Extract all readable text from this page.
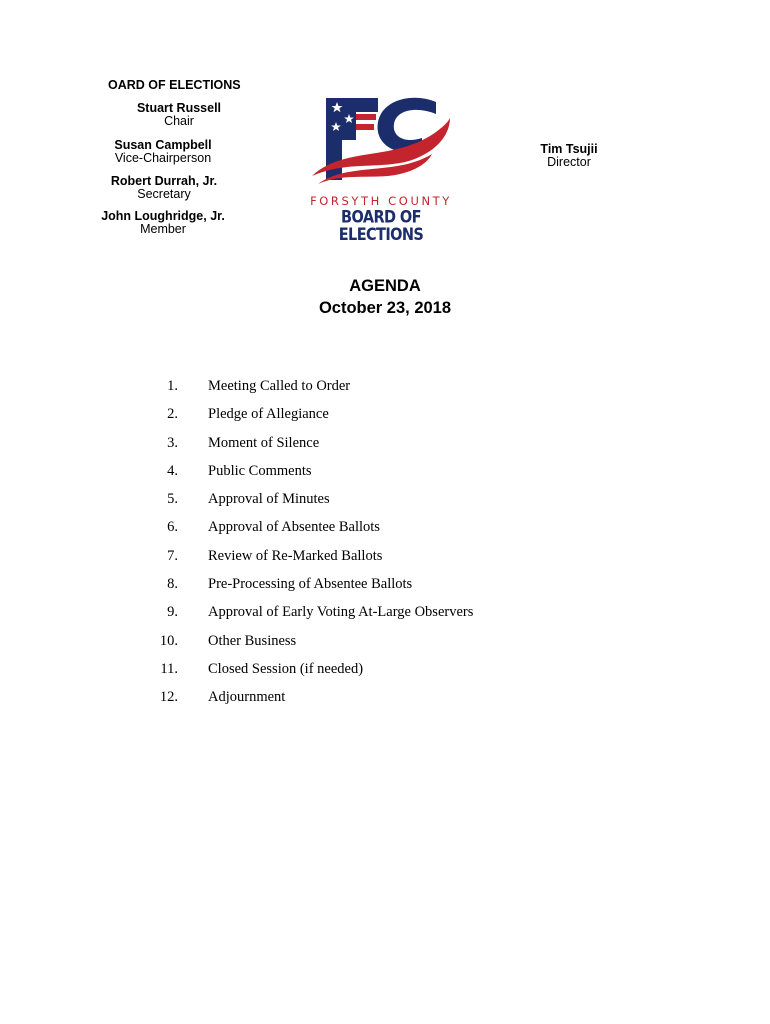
OARD OF ELECTIONS
Stuart Russell
Chair
Susan Campbell
Vice-Chairperson
Robert Durrah, Jr.
Secretary
John Loughridge, Jr.
Member
Tim Tsujii
Director
FORSYTH COUNTY
BOARD OF ELECTIONS
AGENDA
October 23, 2018
1. Meeting Called to Order
2. Pledge of Allegiance
3. Moment of Silence
4. Public Comments
5. Approval of Minutes
6. Approval of Absentee Ballots
7. Review of Re-Marked Ballots
8. Pre-Processing of Absentee Ballots
9. Approval of Early Voting At-Large Observers
10. Other Business
11. Closed Session (if needed)
12. Adjournment
